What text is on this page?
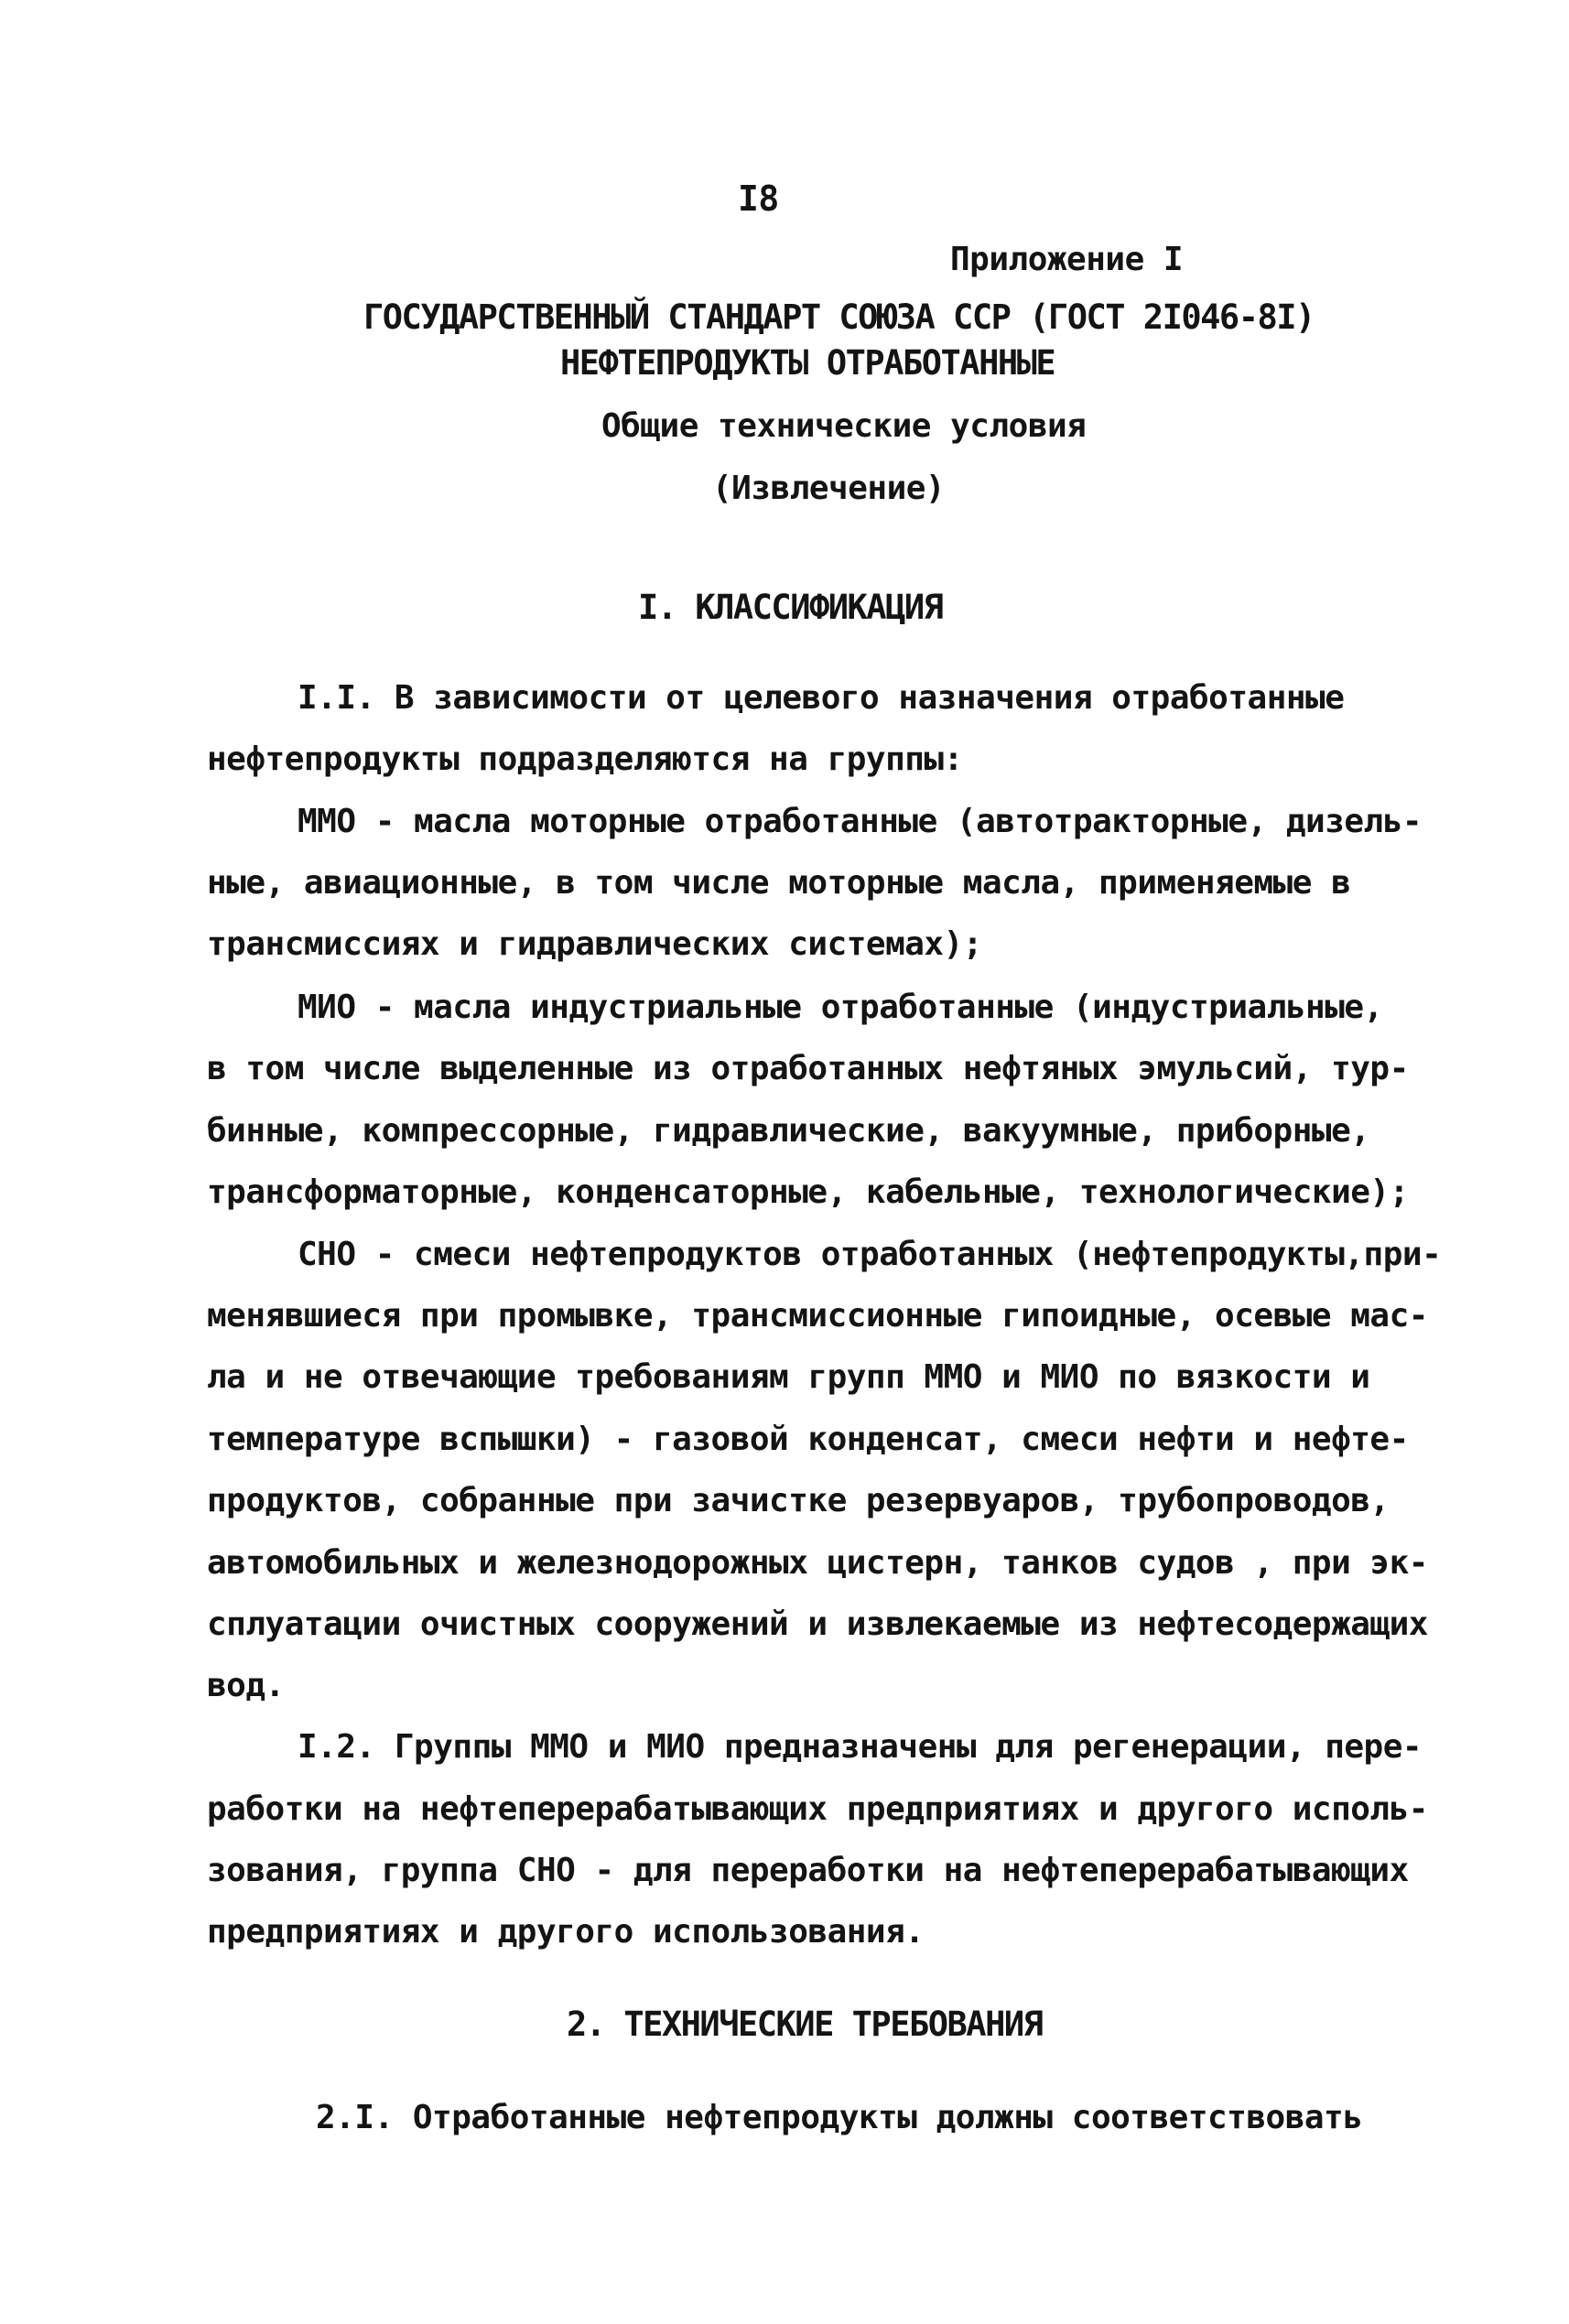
I8
Приложение I
ГОСУДАРСТВЕННЫЙ СТАНДАРТ СОЮЗА ССР (ГОСТ 2I046-8I)
НЕФТЕПРОДУКТЫ ОТРАБОТАННЫЕ
Общие технические условия
(Извлечение)
I. КЛАССИФИКАЦИЯ
I.I. В зависимости от целевого назначения отработанные
нефтепродукты подразделяются на группы:
ММО - масла моторные отработанные (автотракторные, дизель-
ные, авиационные, в том числе моторные масла, применяемые в
трансмиссиях и гидравлических системах);
МИО - масла индустриальные отработанные (индустриальные,
в том числе выделенные из отработанных нефтяных эмульсий, тур-
бинные, компрессорные, гидравлические, вакуумные, приборные,
трансформаторные, конденсаторные, кабельные, технологические);
СНО - смеси нефтепродуктов отработанных (нефтепродукты,при-
менявшиеся при промывке, трансмиссионные гипоидные, осевые мас-
ла и не отвечающие требованиям групп ММО и МИО по вязкости и
температуре вспышки) - газовой конденсат, смеси нефти и нефте-
продуктов, собранные при зачистке резервуаров, трубопроводов,
автомобильных и железнодорожных цистерн, танков судов , при эк-
сплуатации очистных сооружений и извлекаемые из нефтесодержащих
вод.
I.2. Группы ММО и МИО предназначены для регенерации, пере-
работки на нефтеперерабатывающих предприятиях и другого исполь-
зования, группа СНО - для переработки на нефтеперерабатывающих
предприятиях и другого использования.
2. ТЕХНИЧЕСКИЕ ТРЕБОВАНИЯ
2.I. Отработанные нефтепродукты должны соответствовать
